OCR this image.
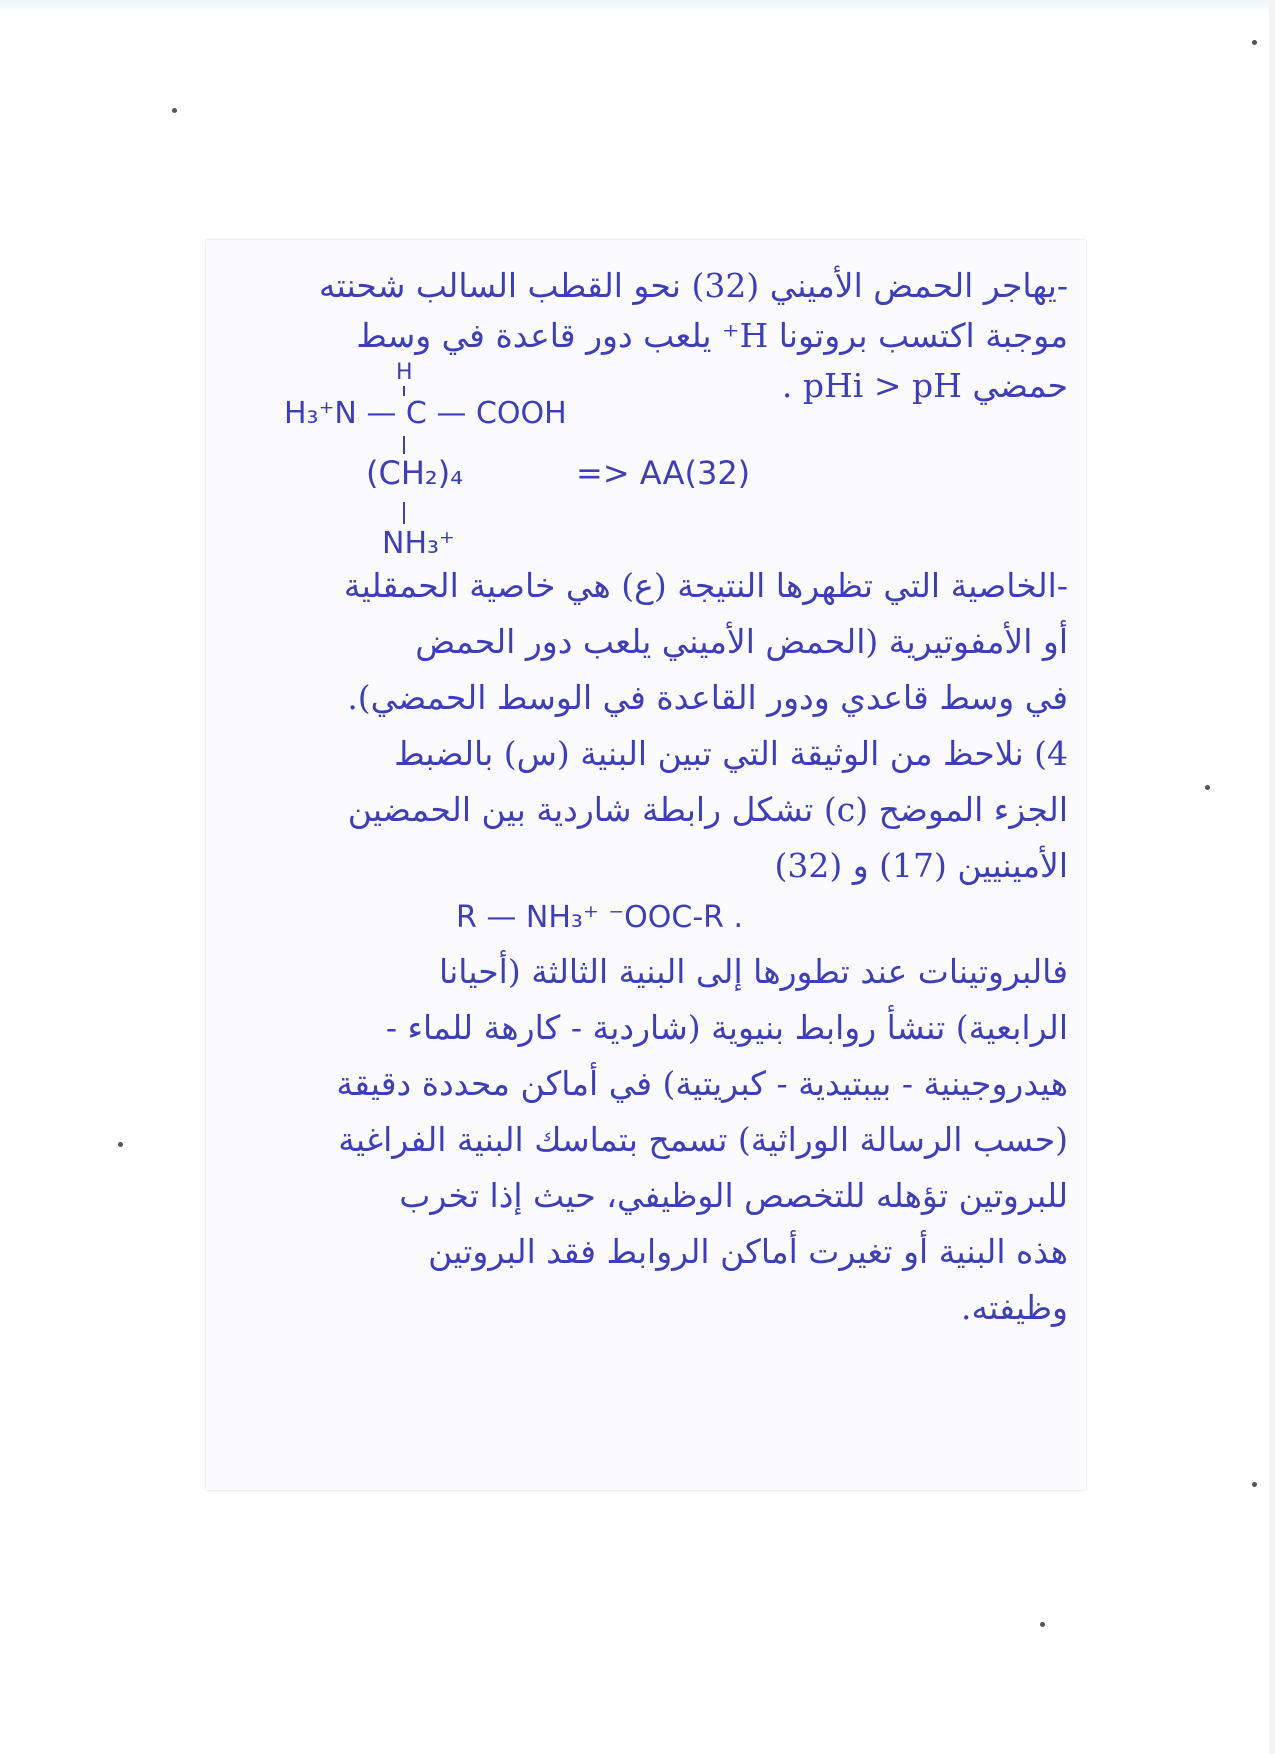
-يهاجر الحمض الأميني (32) نحو القطب السالب شحنته
موجبة اكتسب بروتونا H⁺ يلعب دور قاعدة في وسط
حمضي pHi > pH .
H
H₃⁺N — C — COOH
(CH₂)₄	=> AA(32)
NH₃⁺
-الخاصية التي تظهرها النتيجة (ع) هي خاصية الحمقلية
أو الأمفوتيرية (الحمض الأميني يلعب دور الحمض
في وسط قاعدي ودور القاعدة في الوسط الحمضي).
4) نلاحظ من الوثيقة التي تبين البنية (س) بالضبط
الجزء الموضح (c) تشكل رابطة شاردية بين الحمضين
الأمينيين (17) و (32)
R — NH₃⁺ ⁻OOC-R .
فالبروتينات عند تطورها إلى البنية الثالثة (أحيانا
الرابعية) تنشأ روابط بنيوية (شاردية - كارهة للماء -
هيدروجينية - بيبتيدية - كبريتية) في أماكن محددة دقيقة
(حسب الرسالة الوراثية) تسمح بتماسك البنية الفراغية
للبروتين تؤهله للتخصص الوظيفي، حيث إذا تخرب
هذه البنية أو تغيرت أماكن الروابط فقد البروتين
وظيفته.
